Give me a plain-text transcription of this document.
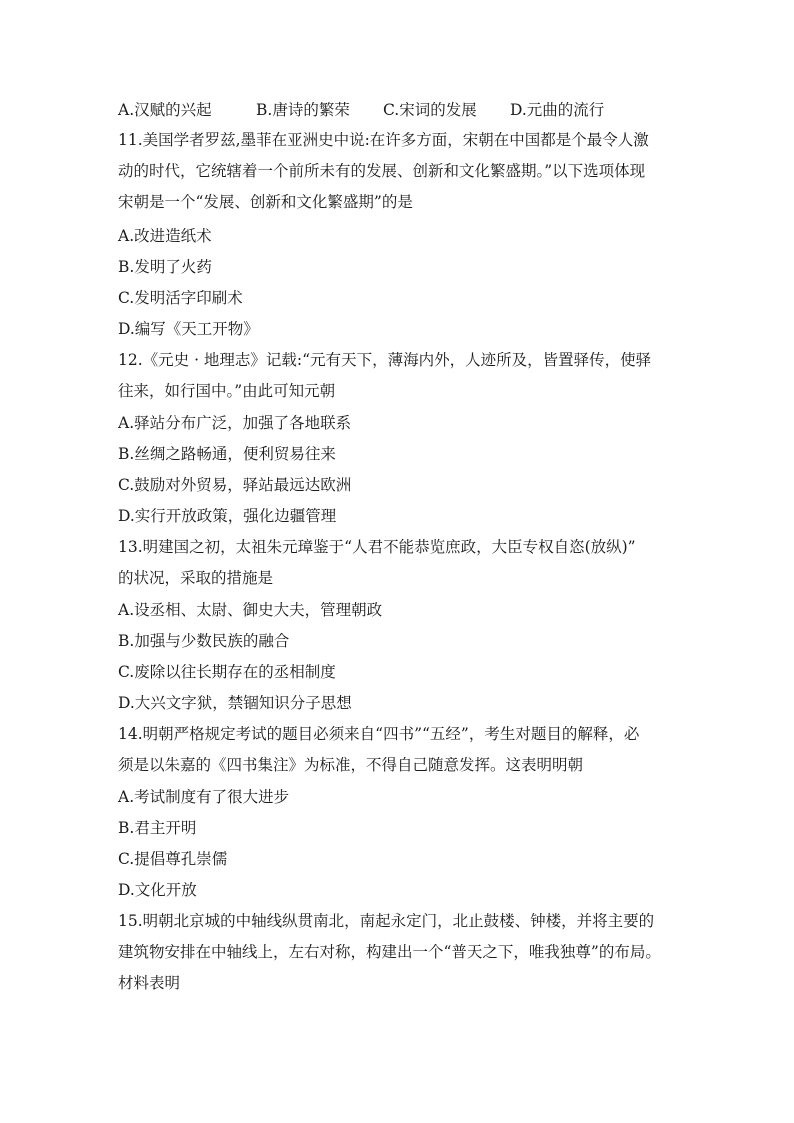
A.汉赋的兴起	B.唐诗的繁荣 C.宋词的发展 D.元曲的流行
11.美国学者罗兹,墨菲在亚洲史中说:在许多方面，宋朝在中国都是个最令人激
动的时代，它统辖着一个前所未有的发展、创新和文化繁盛期。”以下选项体现
宋朝是一个“发展、创新和文化繁盛期”的是
A.改进造纸术
B.发明了火药
C.发明活字印刷术
D.编写《天工开物》
12.《元史 · 地理志》记载:“元有天下，薄海内外，人迹所及，皆置驿传，使驿
往来，如行国中。”由此可知元朝
A.驿站分布广泛，加强了各地联系
B.丝绸之路畅通，便利贸易往来
C.鼓励对外贸易，驿站最远达欧洲
D.实行开放政策，强化边疆管理
13.明建国之初，太祖朱元璋鉴于“人君不能恭览庶政，大臣专权自恣(放纵)”
的状况，采取的措施是
A.设丞相、太尉、御史大夫，管理朝政
B.加强与少数民族的融合
C.废除以往长期存在的丞相制度
D.大兴文字狱，禁锢知识分子思想
14.明朝严格规定考试的题目必须来自“四书”“五经”，考生对题目的解释，必
须是以朱嘉的《四书集注》为标准，不得自己随意发挥。这表明明朝
A.考试制度有了很大进步
B.君主开明
C.提倡尊孔崇儒
D.文化开放
15.明朝北京城的中轴线纵贯南北，南起永定门，北止鼓楼、钟楼，并将主要的
建筑物安排在中轴线上，左右对称，构建出一个“普天之下，唯我独尊”的布局。
材料表明
